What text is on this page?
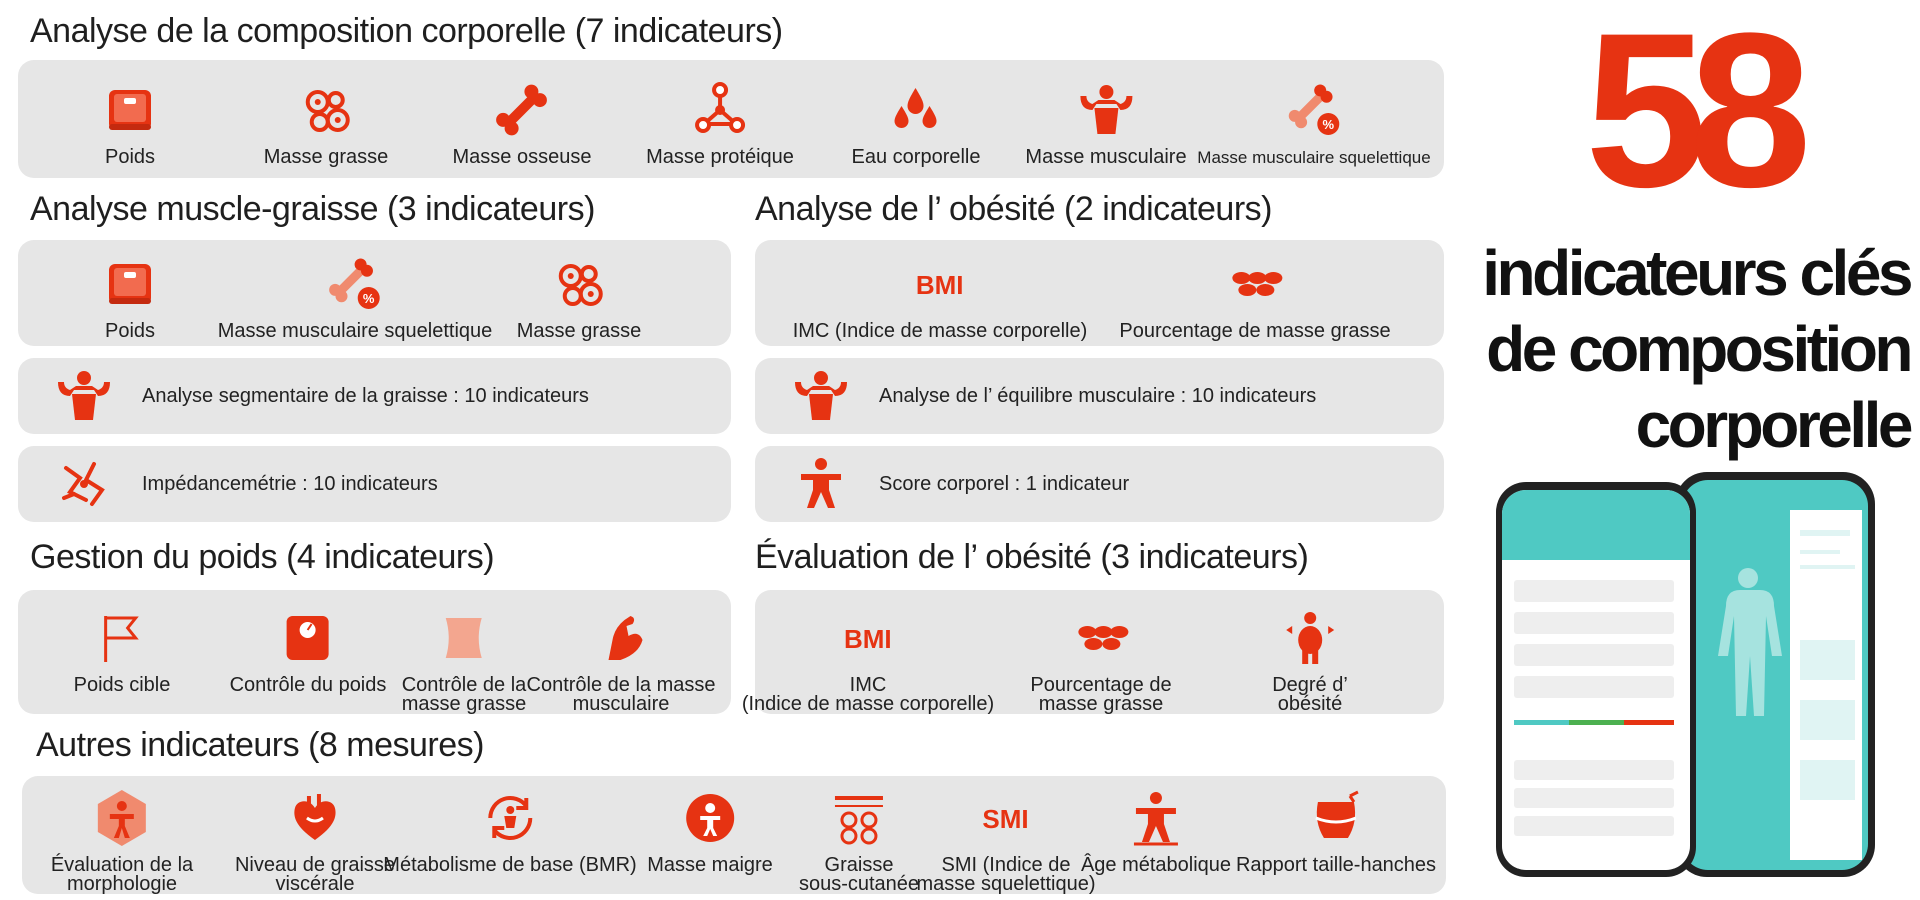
Analyse de la composition corporelle (7 indicateurs)
Poids	Masse grasse	Masse osseuse	Masse protéique	Eau corporelle Masse musculaire
%
Masse musculaire squelettique
Analyse muscle-graisse (3 indicateurs)
Poids
%
Masse musculaire squelettique Masse grasse
Analyse de l’ obésité (2 indicateurs)
BMI
IMC (Indice de masse corporelle) Pourcentage de masse grasse
Analyse segmentaire de la graisse : 10 indicateurs
Impédancemétrie : 10 indicateurs
Analyse de l’ équilibre musculaire : 10 indicateurs
Score corporel : 1 indicateur
Gestion du poids (4 indicateurs)
Poids cible	Contrôle du poids Contrôle de la
masse grasse
Contrôle de la masse
musculaire
Évaluation de l’ obésité (3 indicateurs)
BMI
IMC
(Indice de masse corporelle)
Pourcentage de
masse grasse
Degré d’
obésité
Autres indicateurs (8 mesures)
Évaluation de la
morphologie
Niveau de graisse
viscérale
Métabolisme de base (BMR) Masse maigre	Graisse
sous-cutanée
SMI
SMI (Indice de
masse squelettique)
Âge métabolique Rapport taille-hanches
58
indicateurs clés
de composition
corporelle
